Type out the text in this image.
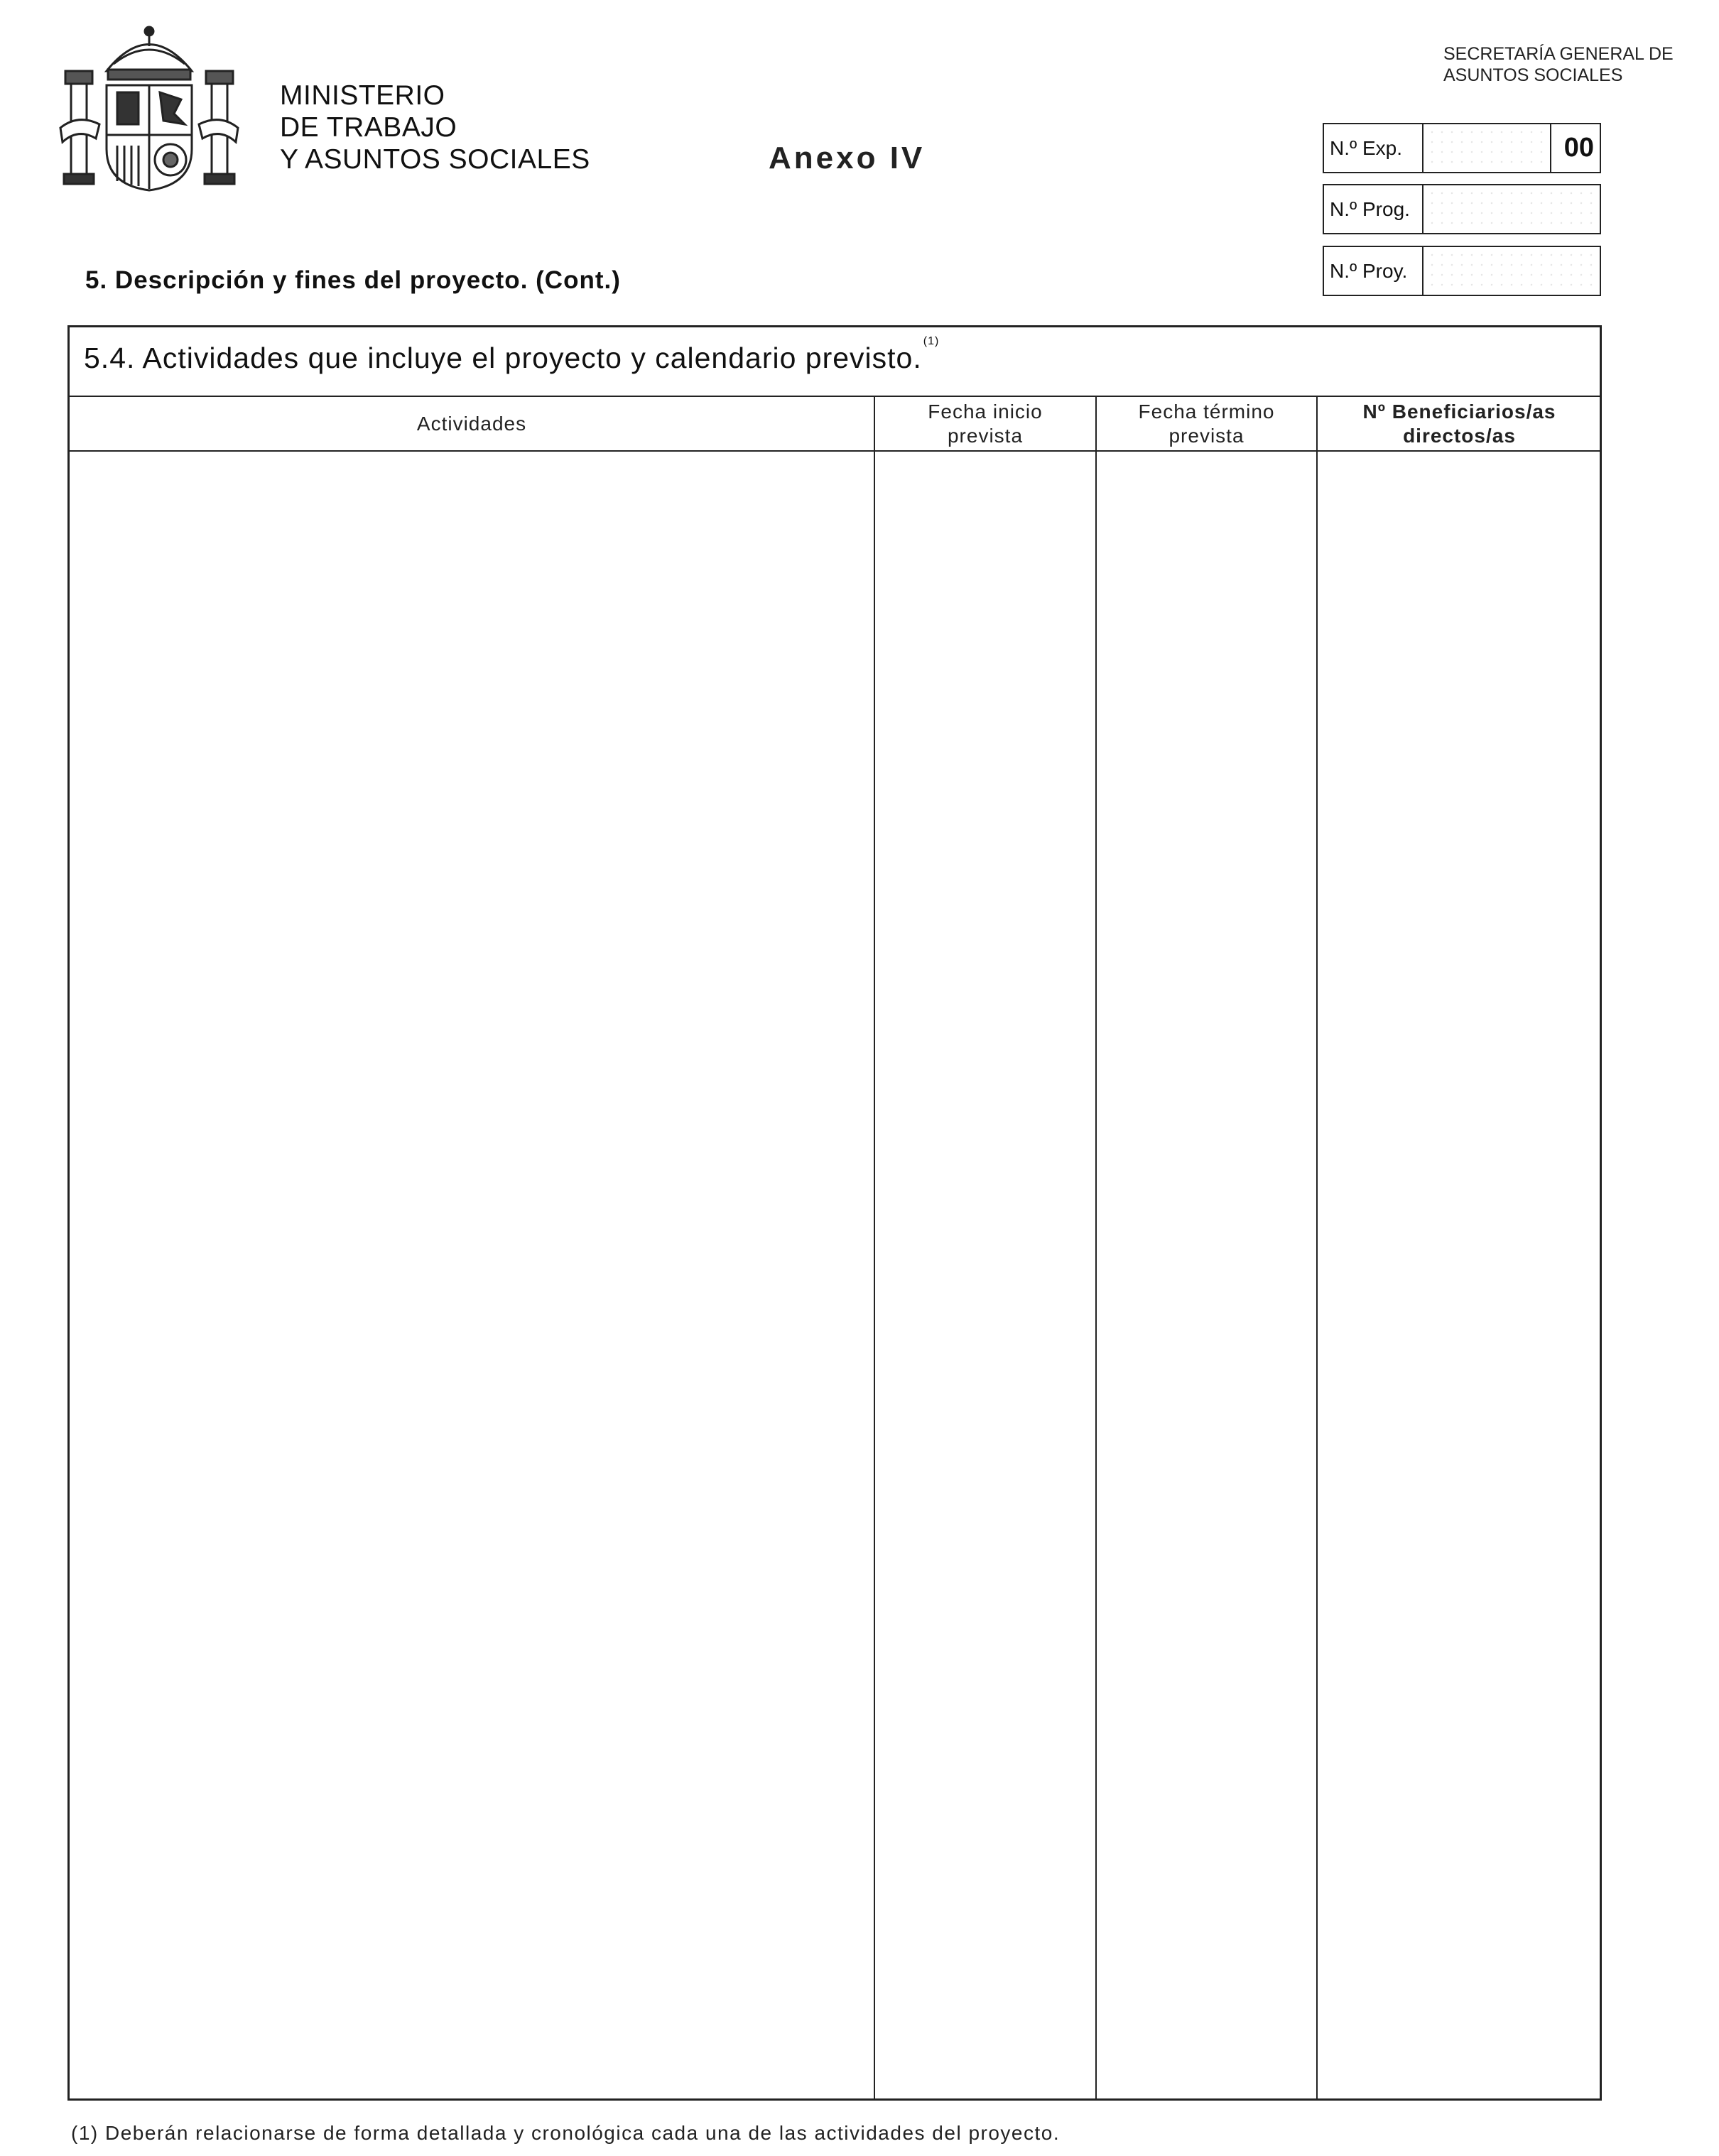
MINISTERIO
DE TRABAJO
Y ASUNTOS SOCIALES	Anexo IV
SECRETARÍA GENERAL DE
ASUNTOS SOCIALES
N.º Exp.	00
N.º Prog.
N.º Proy.
5. Descripción y fines del proyecto. (Cont.)
5.4. Actividades que incluye el proyecto y calendario previsto.$^{(1)}$
Actividades
Fecha inicio
prevista
Fecha término
prevista
Nº Beneficiarios/as
directos/as
(1) Deberán relacionarse de forma detallada y cronológica cada una de las actividades del proyecto.
